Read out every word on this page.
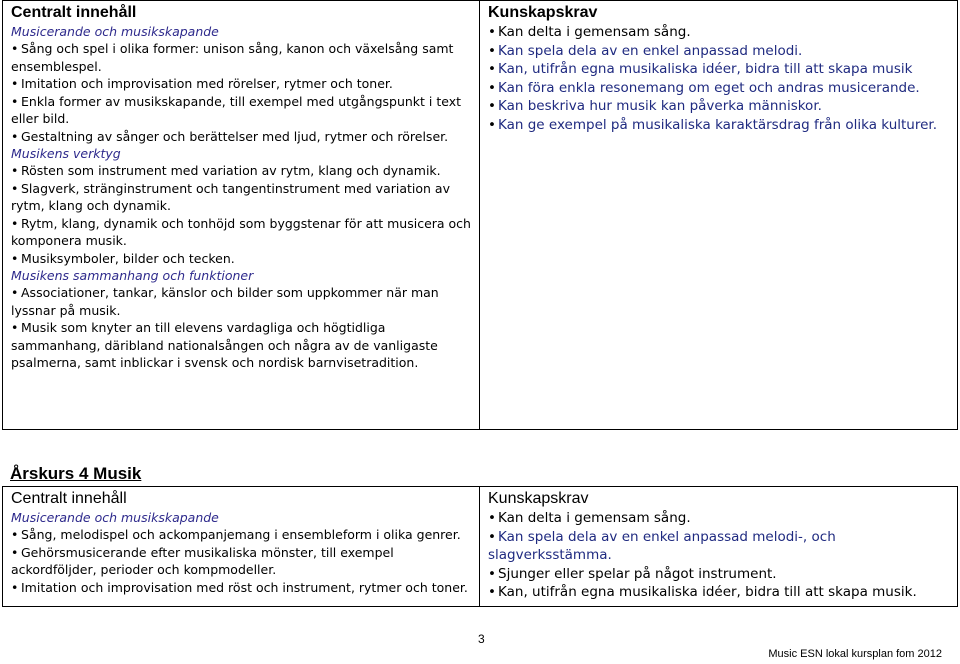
Centralt innehåll
Musicerande och musikskapande
• Sång och spel i olika former: unison sång, kanon och växelsång samt ensemblespel.
• Imitation och improvisation med rörelser, rytmer och toner.
• Enkla former av musikskapande, till exempel med utgångspunkt i text eller bild.
• Gestaltning av sånger och berättelser med ljud, rytmer och rörelser.
Musikens verktyg
• Rösten som instrument med variation av rytm, klang och dynamik.
• Slagverk, stränginstrument och tangentinstrument med variation av rytm, klang och dynamik.
• Rytm, klang, dynamik och tonhöjd som byggstenar för att musicera och komponera musik.
• Musiksymboler, bilder och tecken.
Musikens sammanhang och funktioner
• Associationer, tankar, känslor och bilder som uppkommer när man lyssnar på musik.
• Musik som knyter an till elevens vardagliga och högtidliga sammanhang, däribland nationalsången och några av de vanligaste psalmerna, samt inblickar i svensk och nordisk barnvisetradition.

Kunskapskrav
• Kan delta i gemensam sång.
• Kan spela dela av en enkel anpassad melodi.
• Kan, utifrån egna musikaliska idéer, bidra till att skapa musik
• Kan föra enkla resonemang om eget och andras musicerande.
• Kan beskriva hur musik kan påverka människor.
• Kan ge exempel på musikaliska karaktärsdrag från olika kulturer.
Årskurs 4 Musik
Centralt innehåll
Musicerande och musikskapande
• Sång, melodispel och ackompanjemang i ensembleform i olika genrer.
• Gehörsmusicerande efter musikaliska mönster, till exempel ackordföljder, perioder och kompmodeller.
• Imitation och improvisation med röst och instrument, rytmer och toner.

Kunskapskrav
• Kan delta i gemensam sång.
• Kan spela dela av en enkel anpassad melodi-, och slagverksstämma.
• Sjunger eller spelar på något instrument.
• Kan, utifrån egna musikaliska idéer, bidra till att skapa musik.
3
Music ESN lokal kursplan fom 2012
